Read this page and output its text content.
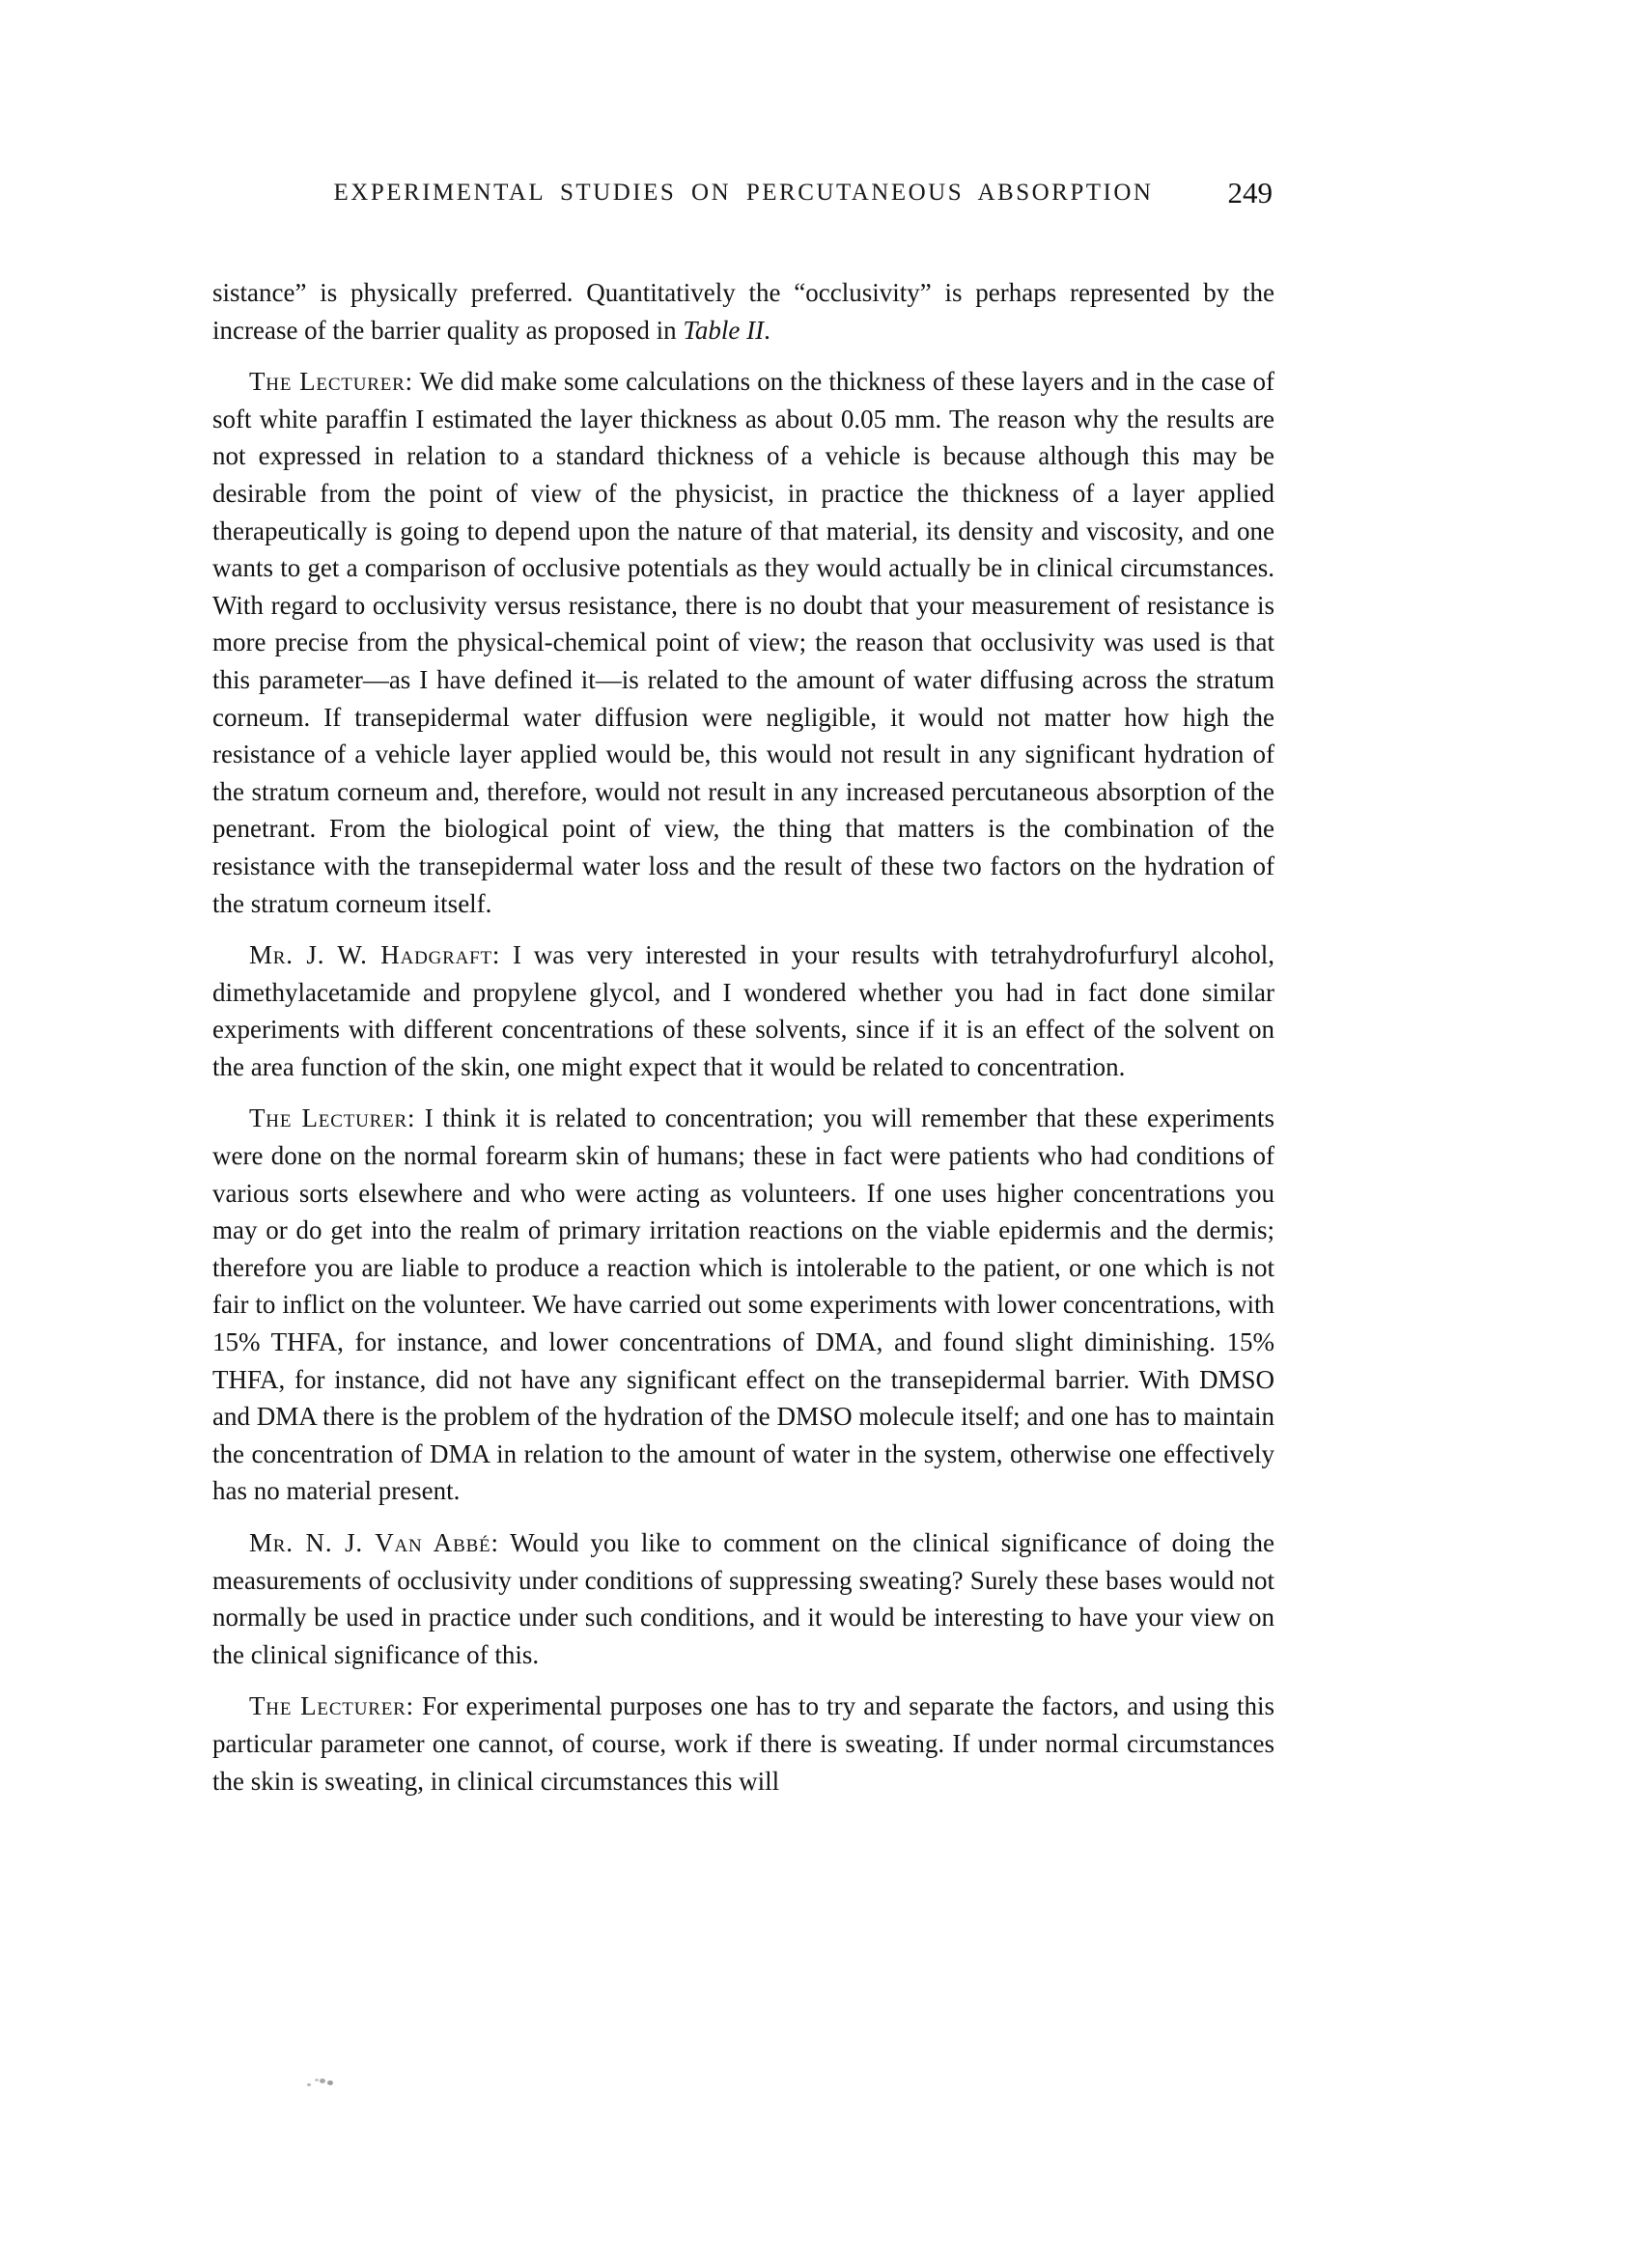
EXPERIMENTAL STUDIES ON PERCUTANEOUS ABSORPTION	249

sistance” is physically preferred. Quantitatively the “occlusivity” is perhaps represented by the increase of the barrier quality as proposed in Table II.

The Lecturer: We did make some calculations on the thickness of these layers and in the case of soft white paraffin I estimated the layer thickness as about 0.05 mm. The reason why the results are not expressed in relation to a standard thickness of a vehicle is because although this may be desirable from the point of view of the physicist, in practice the thickness of a layer applied therapeutically is going to depend upon the nature of that material, its density and viscosity, and one wants to get a comparison of occlusive potentials as they would actually be in clinical circumstances. With regard to occlusivity versus resistance, there is no doubt that your measurement of resistance is more precise from the physical-chemical point of view; the reason that occlusivity was used is that this parameter—as I have defined it—is related to the amount of water diffusing across the stratum corneum. If transepidermal water diffusion were negligible, it would not matter how high the resistance of a vehicle layer applied would be, this would not result in any significant hydration of the stratum corneum and, therefore, would not result in any increased percutaneous absorption of the penetrant. From the biological point of view, the thing that matters is the combination of the resistance with the transepidermal water loss and the result of these two factors on the hydration of the stratum corneum itself.

Mr. J. W. Hadgraft: I was very interested in your results with tetrahydrofurfuryl alcohol, dimethylacetamide and propylene glycol, and I wondered whether you had in fact done similar experiments with different concentrations of these solvents, since if it is an effect of the solvent on the area function of the skin, one might expect that it would be related to concentration.

The Lecturer: I think it is related to concentration; you will remember that these experiments were done on the normal forearm skin of humans; these in fact were patients who had conditions of various sorts elsewhere and who were acting as volunteers. If one uses higher concentrations you may or do get into the realm of primary irritation reactions on the viable epidermis and the dermis; therefore you are liable to produce a reaction which is intolerable to the patient, or one which is not fair to inflict on the volunteer. We have carried out some experiments with lower concentrations, with 15% THFA, for instance, and lower concentrations of DMA, and found slight diminishing. 15% THFA, for instance, did not have any significant effect on the transepidermal barrier. With DMSO and DMA there is the problem of the hydration of the DMSO molecule itself; and one has to maintain the concentration of DMA in relation to the amount of water in the system, otherwise one effectively has no material present.

Mr. N. J. Van Abbé: Would you like to comment on the clinical significance of doing the measurements of occlusivity under conditions of suppressing sweating? Surely these bases would not normally be used in practice under such conditions, and it would be interesting to have your view on the clinical significance of this.

The Lecturer: For experimental purposes one has to try and separate the factors, and using this particular parameter one cannot, of course, work if there is sweating. If under normal circumstances the skin is sweating, in clinical circumstances this will
